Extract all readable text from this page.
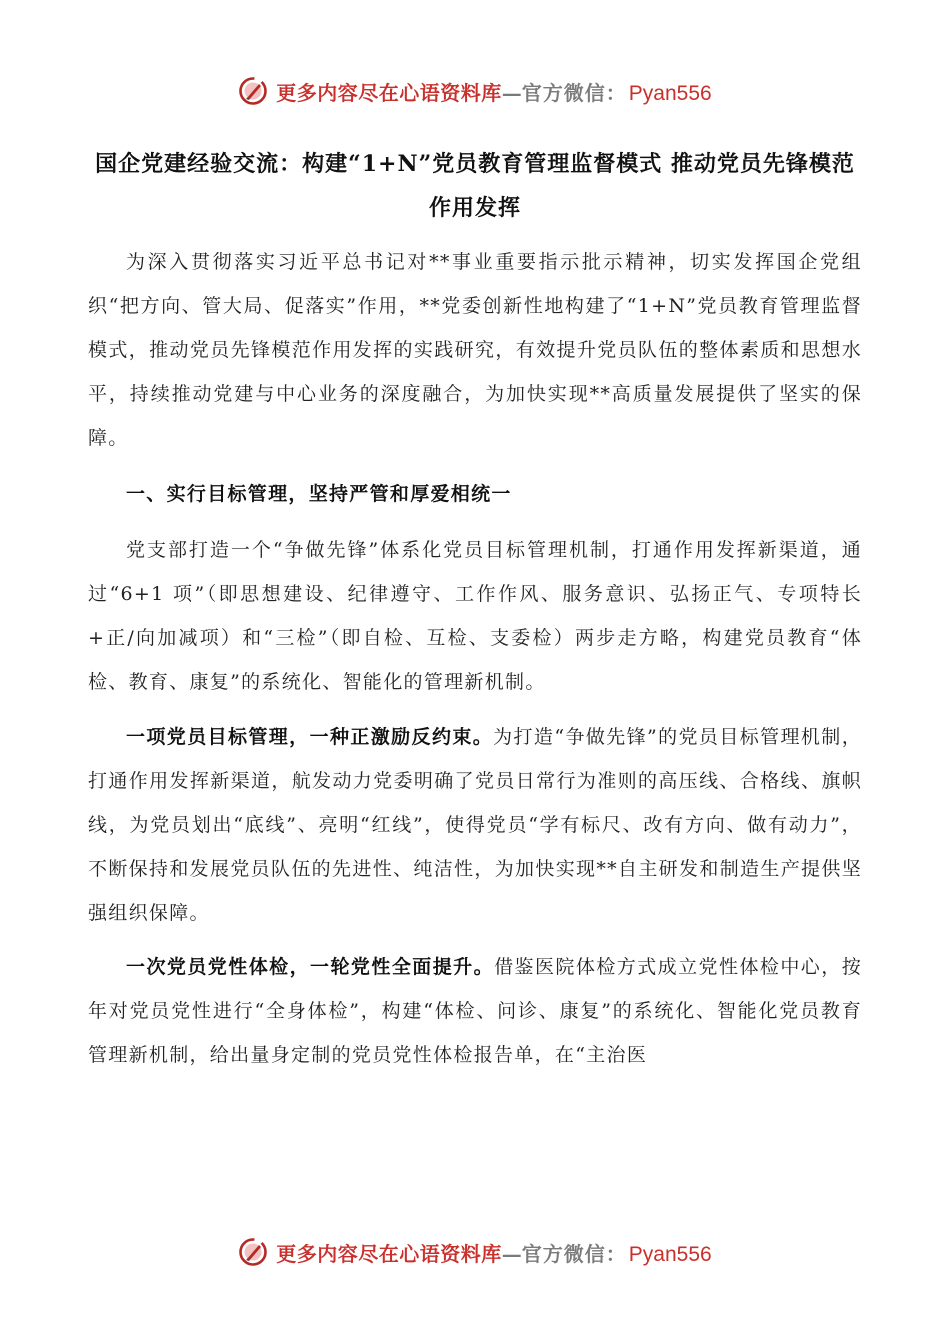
更多内容尽在心语资料库 — 官方微信： Pyan556
国企党建经验交流：构建“1+N”党员教育管理监督模式 推动党员先锋模范作用发挥

为深入贯彻落实习近平总书记对**事业重要指示批示精神，切实发挥国企党组织“把方向、管大局、促落实”作用，**党委创新性地构建了“1+N”党员教育管理监督模式，推动党员先锋模范作用发挥的实践研究，有效提升党员队伍的整体素质和思想水平，持续推动党建与中心业务的深度融合，为加快实现**高质量发展提供了坚实的保障。

一、实行目标管理，坚持严管和厚爱相统一

党支部打造一个“争做先锋”体系化党员目标管理机制，打通作用发挥新渠道，通过“6+1 项”（即思想建设、纪律遵守、工作作风、服务意识、弘扬正气、专项特长+正/向加减项）和“三检”（即自检、互检、支委检）两步走方略，构建党员教育“体检、教育、康复”的系统化、智能化的管理新机制。

一项党员目标管理，一种正激励反约束。为打造“争做先锋”的党员目标管理机制，打通作用发挥新渠道，航发动力党委明确了党员日常行为准则的高压线、合格线、旗帜线，为党员划出“底线”、亮明“红线”，使得党员“学有标尺、改有方向、做有动力”，不断保持和发展党员队伍的先进性、纯洁性，为加快实现**自主研发和制造生产提供坚强组织保障。

一次党员党性体检，一轮党性全面提升。借鉴医院体检方式成立党性体检中心，按年对党员党性进行“全身体检”，构建“体检、问诊、康复”的系统化、智能化党员教育管理新机制，给出量身定制的党员党性体检报告单，在“主治医

更多内容尽在心语资料库 — 官方微信： Pyan556
